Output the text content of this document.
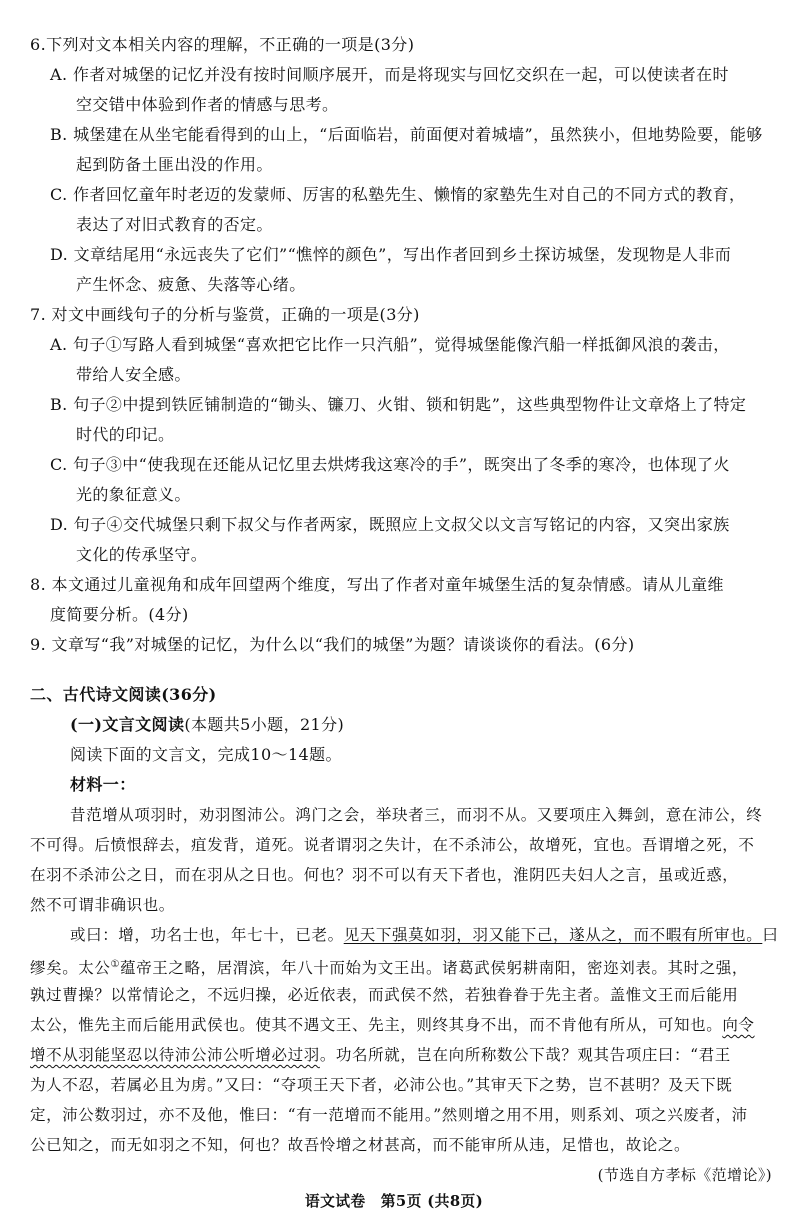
6.下列对文本相关内容的理解，不正确的一项是(3分)
A. 作者对城堡的记忆并没有按时间顺序展开，而是将现实与回忆交织在一起，可以使读者在时
空交错中体验到作者的情感与思考。
B. 城堡建在从坐宅能看得到的山上，“后面临岩，前面便对着城墙”，虽然狭小，但地势险要，能够
起到防备土匪出没的作用。
C. 作者回忆童年时老迈的发蒙师、厉害的私塾先生、懒惰的家塾先生对自己的不同方式的教育，
表达了对旧式教育的否定。
D. 文章结尾用“永远丧失了它们”“憔悴的颜色”，写出作者回到乡土探访城堡，发现物是人非而
产生怀念、疲惫、失落等心绪。
7. 对文中画线句子的分析与鉴赏，正确的一项是(3分)
A. 句子①写路人看到城堡“喜欢把它比作一只汽船”，觉得城堡能像汽船一样抵御风浪的袭击，
带给人安全感。
B. 句子②中提到铁匠铺制造的“锄头、镰刀、火钳、锁和钥匙”，这些典型物件让文章烙上了特定
时代的印记。
C. 句子③中“使我现在还能从记忆里去烘烤我这寒冷的手”，既突出了冬季的寒冷，也体现了火
光的象征意义。
D. 句子④交代城堡只剩下叔父与作者两家，既照应上文叔父以文言写铭记的内容，又突出家族
文化的传承坚守。
8. 本文通过儿童视角和成年回望两个维度，写出了作者对童年城堡生活的复杂情感。请从儿童维
度简要分析。(4分)
9. 文章写“我”对城堡的记忆，为什么以“我们的城堡”为题？请谈谈你的看法。(6分)
二、古代诗文阅读(36分)
(一)文言文阅读(本题共5小题，21分)
阅读下面的文言文，完成10～14题。
材料一：
昔范增从项羽时，劝羽图沛公。鸿门之会，举玦者三，而羽不从。又要项庄入舞剑，意在沛公，终
不可得。后愤恨辞去，疽发背，道死。说者谓羽之失计，在不杀沛公，故增死，宜也。吾谓增之死，不
在羽不杀沛公之日，而在羽从之日也。何也？羽不可以有天下者也，淮阴匹夫妇人之言，虽或近惑，
然不可谓非确识也。
或曰：增，功名士也，年七十，已老。见天下强莫如羽，羽又能下己，遂从之，而不暇有所审也。曰
缪矣。太公①蕴帝王之略，居渭滨，年八十而始为文王出。诸葛武侯躬耕南阳，密迩刘表。其时之强，
孰过曹操？以常情论之，不远归操，必近依表，而武侯不然，若独眷眷于先主者。盖惟文王而后能用
太公，惟先主而后能用武侯也。使其不遇文王、先主，则终其身不出，而不肯他有所从，可知也。向令
增不从羽能坚忍以待沛公沛公听增必过羽。功名所就，岂在向所称数公下哉？观其告项庄曰：“君王
为人不忍，若属必且为虏。”又曰：“夺项王天下者，必沛公也。”其审天下之势，岂不甚明？及天下既
定，沛公数羽过，亦不及他，惟曰：“有一范增而不能用。”然则增之用不用，则系刘、项之兴废者，沛
公已知之，而无如羽之不知，何也？故吾怜增之材甚高，而不能审所从违，足惜也，故论之。
(节选自方孝标《范增论》)
语文试卷　第5页 (共8页)
